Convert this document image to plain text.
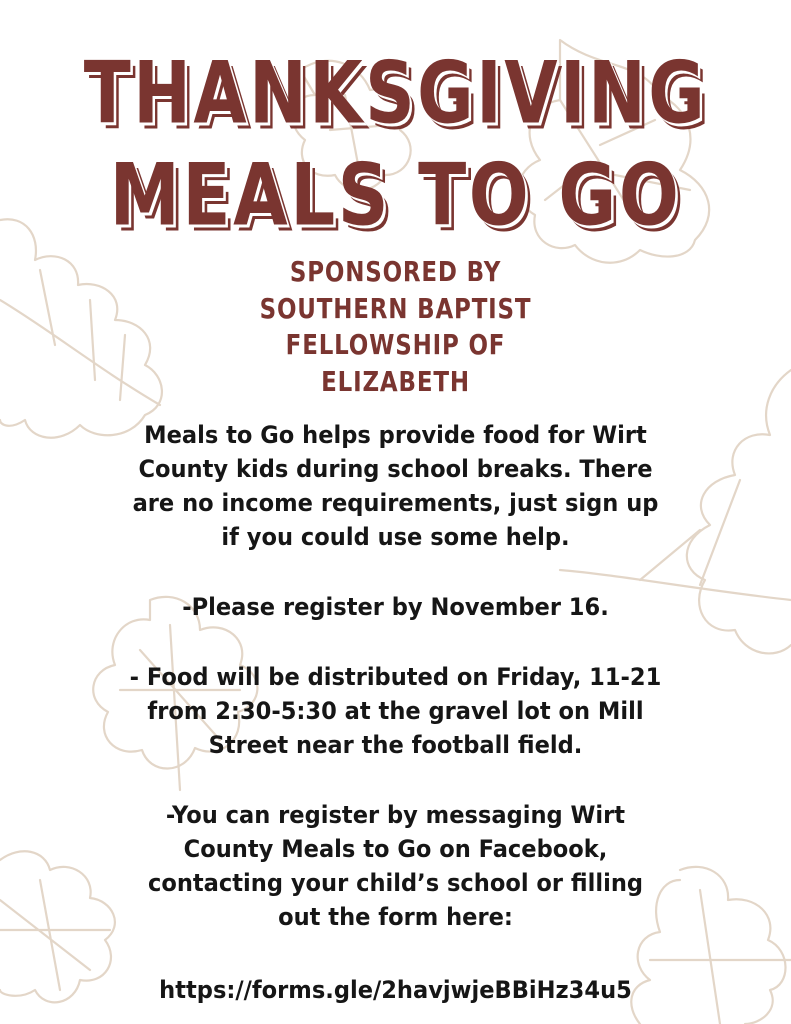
THANKSGIVING
MEALS TO GO
SPONSORED BY
SOUTHERN BAPTIST
FELLOWSHIP OF
ELIZABETH
Meals to Go helps provide food for Wirt
County kids during school breaks. There
are no income requirements, just sign up
if you could use some help.
-Please register by November 16.
- Food will be distributed on Friday, 11-21
from 2:30-5:30 at the gravel lot on Mill
Street near the football field.
-You can register by messaging Wirt
County Meals to Go on Facebook,
contacting your child’s school or filling
out the form here:
https://forms.gle/2havjwjeBBiHz34u5
